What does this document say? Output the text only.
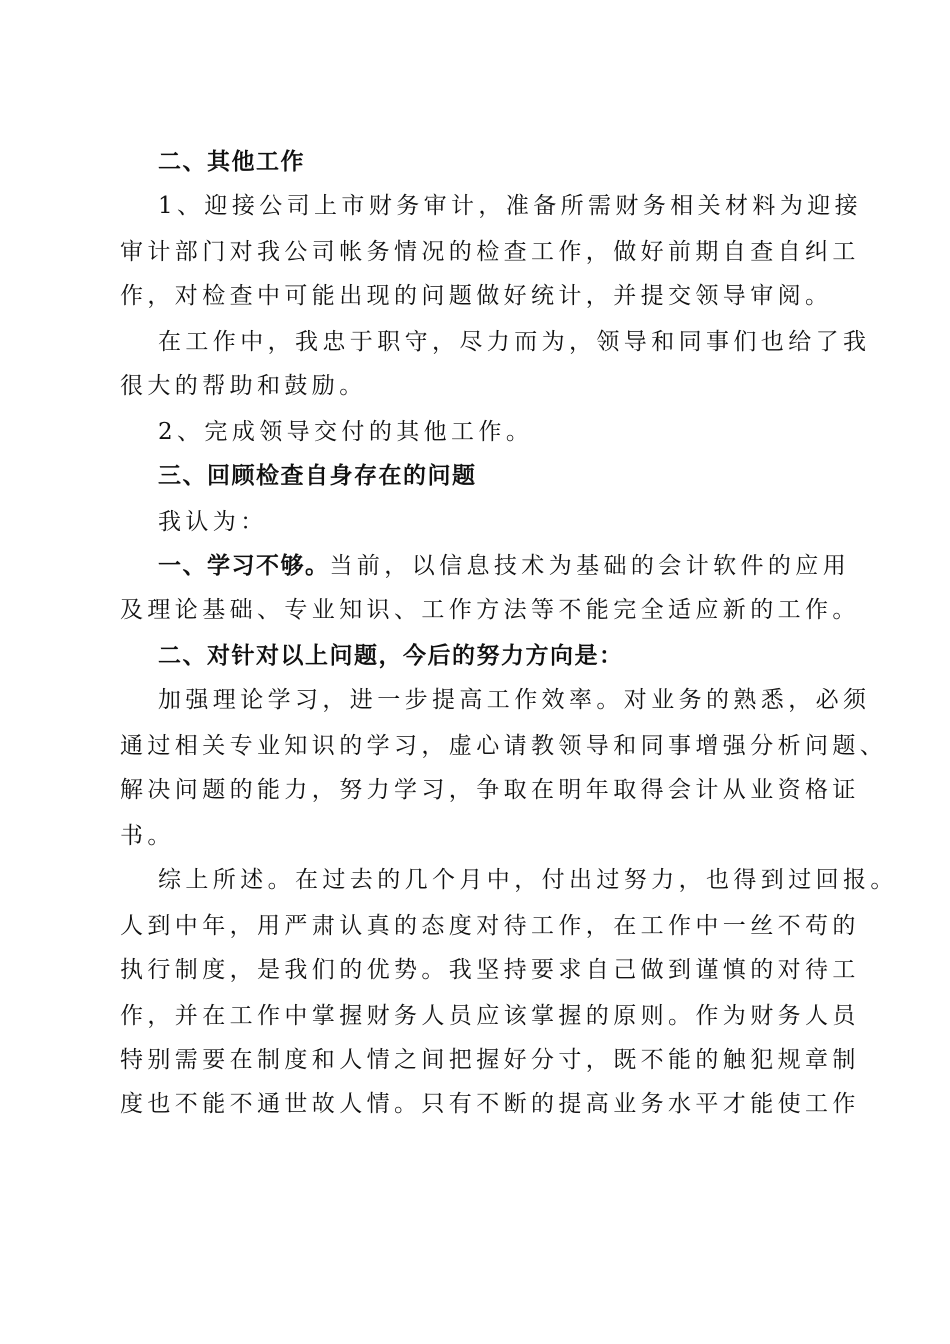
二、其他工作
1、迎接公司上市财务审计，准备所需财务相关材料为迎接
审计部门对我公司帐务情况的检查工作，做好前期自查自纠工
作，对检查中可能出现的问题做好统计，并提交领导审阅。
在工作中，我忠于职守，尽力而为，领导和同事们也给了我
很大的帮助和鼓励。
2、完成领导交付的其他工作。
三、回顾检查自身存在的问题
我认为：
一、学习不够。当前，以信息技术为基础的会计软件的应用
及理论基础、专业知识、工作方法等不能完全适应新的工作。
二、对针对以上问题，今后的努力方向是：
加强理论学习，进一步提高工作效率。对业务的熟悉，必须
通过相关专业知识的学习，虚心请教领导和同事增强分析问题、
解决问题的能力，努力学习，争取在明年取得会计从业资格证
书。
综上所述。在过去的几个月中，付出过努力，也得到过回报。
人到中年，用严肃认真的态度对待工作，在工作中一丝不苟的
执行制度，是我们的优势。我坚持要求自己做到谨慎的对待工
作，并在工作中掌握财务人员应该掌握的原则。作为财务人员
特别需要在制度和人情之间把握好分寸，既不能的触犯规章制
度也不能不通世故人情。只有不断的提高业务水平才能使工作
